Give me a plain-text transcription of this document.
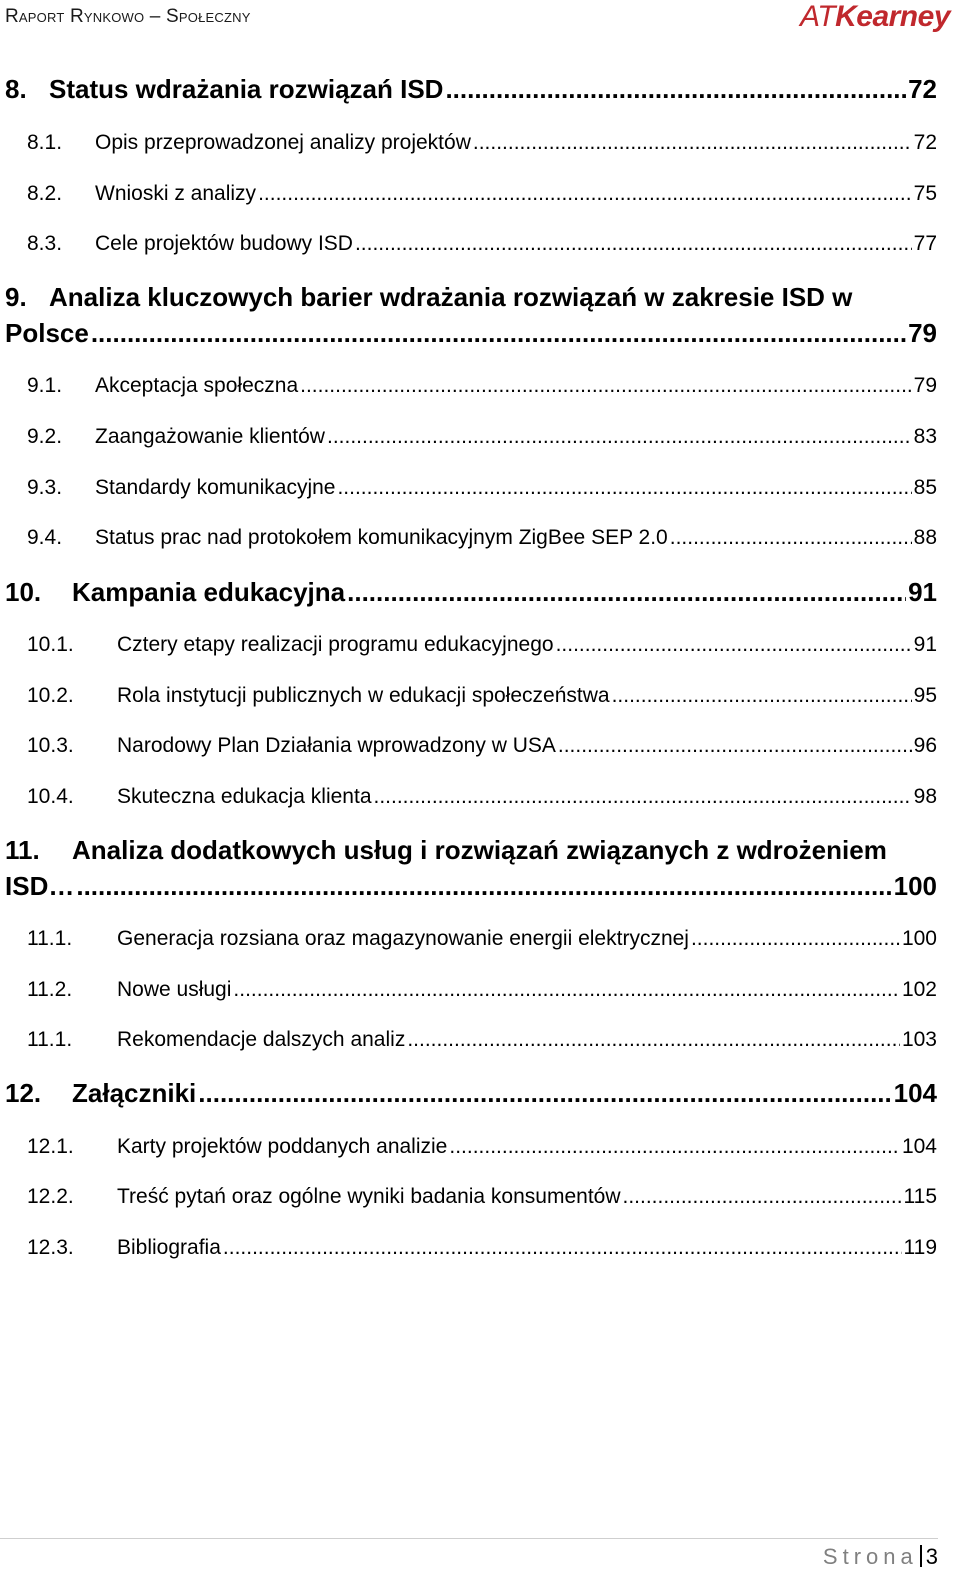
Raport Rynkowo – Społeczny	ATKearney
8. Status wdrażania rozwiązań ISD .....	72
8.1.	Opis przeprowadzonej analizy projektów .....	72
8.2.	Wnioski z analizy .....	75
8.3.	Cele projektów budowy ISD .....	77
9. Analiza kluczowych barier wdrażania rozwiązań w zakresie ISD w
Polsce .....	79
9.1.	Akceptacja społeczna .....	79
9.2.	Zaangażowanie klientów .....	83
9.3.	Standardy komunikacyjne .....	85
9.4.	Status prac nad protokołem komunikacyjnym ZigBee SEP 2.0 .....	88
10.	Kampania edukacyjna .....	91
10.1.	Cztery etapy realizacji programu edukacyjnego .....	91
10.2.	Rola instytucji publicznych w edukacji społeczeństwa .....	95
10.3.	Narodowy Plan Działania wprowadzony w USA .....	96
10.4.	Skuteczna edukacja klienta .....	98
11.	Analiza dodatkowych usług i rozwiązań związanych z wdrożeniem
ISD… .....	100
11.1.	Generacja rozsiana oraz magazynowanie energii elektrycznej .....	100
11.2.	Nowe usługi .....	102
11.1.	Rekomendacje dalszych analiz .....	103
12.	Załączniki .....	104
12.1.	Karty projektów poddanych analizie .....	104
12.2.	Treść pytań oraz ogólne wyniki badania konsumentów .....	115
12.3.	Bibliografia .....	119
Strona 3
